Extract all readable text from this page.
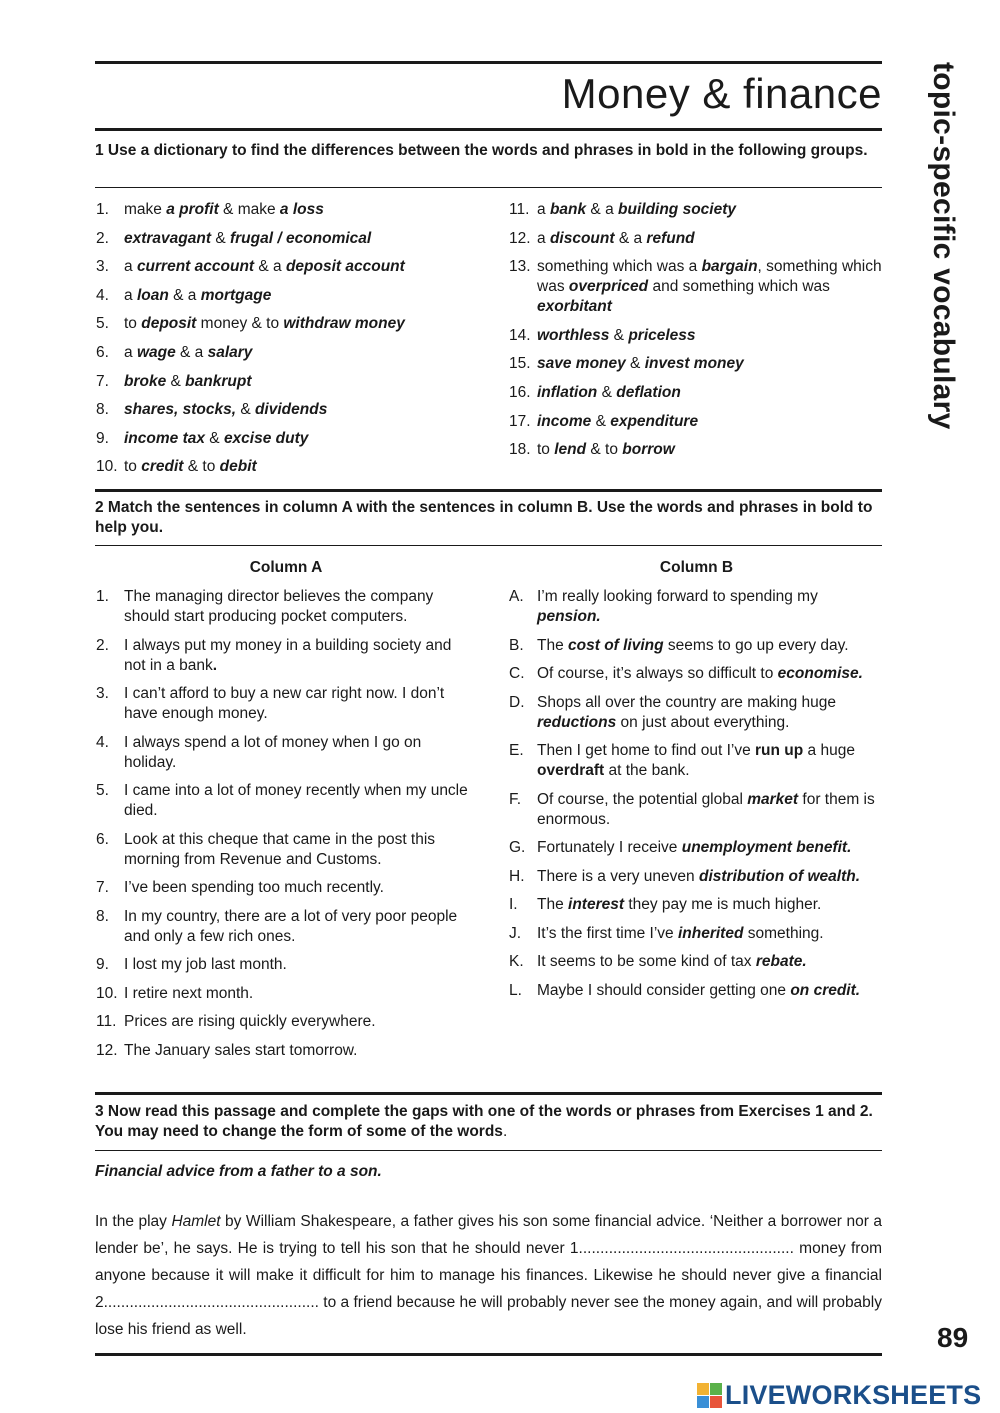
Money & finance topic-specific vocabulary
1 Use a dictionary to find the differences between the words and phrases in bold in the following groups.
1. make a profit & make a loss
2. extravagant & frugal / economical
3. a current account & a deposit account
4. a loan & a mortgage
5. to deposit money & to withdraw money
6. a wage & a salary
7. broke & bankrupt
8. shares, stocks, & dividends
9. income tax & excise duty
10. to credit & to debit
11. a bank & a building society
12. a discount & a refund
13. something which was a bargain, something which was overpriced and something which was exorbitant
14. worthless & priceless
15. save money & invest money
16. inflation & deflation
17. income & expenditure
18. to lend & to borrow
2 Match the sentences in column A with the sentences in column B. Use the words and phrases in bold to help you.
Column A
1. The managing director believes the company should start producing pocket computers.
2. I always put my money in a building society and not in a bank.
3. I can’t afford to buy a new car right now. I don’t have enough money.
4. I always spend a lot of money when I go on holiday.
5. I came into a lot of money recently when my uncle died.
6. Look at this cheque that came in the post this morning from Revenue and Customs.
7. I’ve been spending too much recently.
8. In my country, there are a lot of very poor people and only a few rich ones.
9. I lost my job last month.
10. I retire next month.
11. Prices are rising quickly everywhere.
12. The January sales start tomorrow.
Column B
A. I’m really looking forward to spending my pension.
B. The cost of living seems to go up every day.
C. Of course, it’s always so difficult to economise.
D. Shops all over the country are making huge reductions on just about everything.
E. Then I get home to find out I’ve run up a huge overdraft at the bank.
F. Of course, the potential global market for them is enormous.
G. Fortunately I receive unemployment benefit.
H. There is a very uneven distribution of wealth.
I. The interest they pay me is much higher.
J. It’s the first time I’ve inherited something.
K. It seems to be some kind of tax rebate.
L. Maybe I should consider getting one on credit.
3 Now read this passage and complete the gaps with one of the words or phrases from Exercises 1 and 2. You may need to change the form of some of the words.
Financial advice from a father to a son.
In the play Hamlet by William Shakespeare, a father gives his son some financial advice. ‘Neither a borrower nor a lender be’, he says. He is trying to tell his son that he should never 1.................................................. money from anyone because it will make it difficult for him to manage his finances. Likewise he should never give a financial 2.................................................. to a friend because he will probably never see the money again, and will probably lose his friend as well.	89
LIVEWORKSHEETS
